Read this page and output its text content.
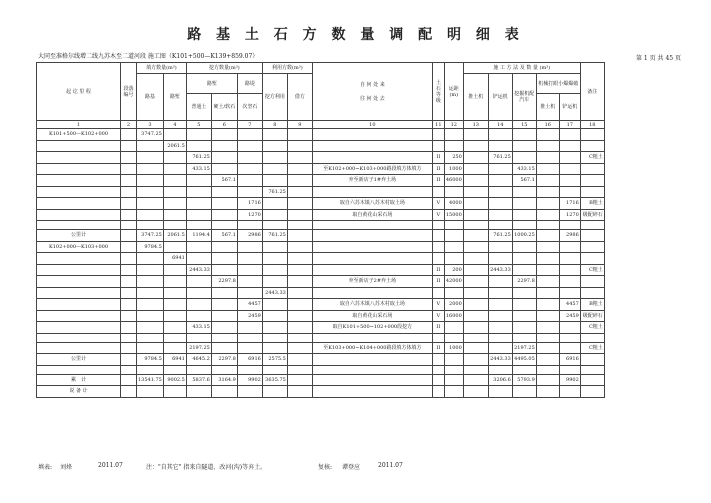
路 基 土 石 方 数 量 调 配 明 细 表
大同至准格尔线增二线九苏木至二道河段 施工图（K101+500—K139+859.07）	第 1 页 共 45 页
起 讫 里 程	段落编号	填方数量(m³)		挖方数量(m³)			利用方数(m³)		自 何 处 来
往 何 处 去	土石等级	运距 (m)	施 工 方 法 及 数 量 (m³)					备注
		路基	路堑	路堑		路堤	挖方利用	借方				推土机	铲运机	挖掘机配汽车	机械打眼小爆爆破		
				普通土	硬土/软石	次坚石									推土机	铲运机	
1	2	3	4	5	6	7	8	9	10	11	12	13	14	15	16	17	18
K101+500—K102+000		3747.25															
			2061.5														
				761.25						II	250		761.25				C粗土
				433.15					至K102+000~K103+000路段填方体填方	II	1000			433.15			
					567.1				弃至新店子1#弃土场	II	46000			567.1			
							761.25										
						1716			取自六苏木镇八苏木村取土场	V	4000					1716	B粗土
						1270			取自黄花山采石场	V	15000					1270	级配碎石

公里计		3747.25	2061.5	1194.4	567.1	2986	761.25						761.25	1000.25		2986	
K102+000—K103+000		9784.5															
			6941														
				2443.33						II	200		2443.33				C粗土
					2297.8				弃至新店子2#弃土场	II	42000			2297.8			
							2443.33										
						4457			取自六苏木镇八苏木村取土场	V	2000					4457	B粗土
						2459			取自黄花山采石场	V	16000					2459	级配碎石
				433.15					取自K101+500~102+000段挖方	II							C粗土

				2197.25					至K103+000~K104+000路段填方体填方	II	1000			2197.25			C粗土
公里计		9784.5	6941	4645.2	2297.8	6916	2575.5						2443.33	4495.05		6916	

累　计		13541.75	9002.5	5837.6	3164.9	9902	3635.75						3206.6	5793.9		9902	
说 备 计																	
填表: 刘烽	2011.07	注："自其它" 指来自隧道、改河(沟)等弃土。	复核: 谭登应	2011.07
